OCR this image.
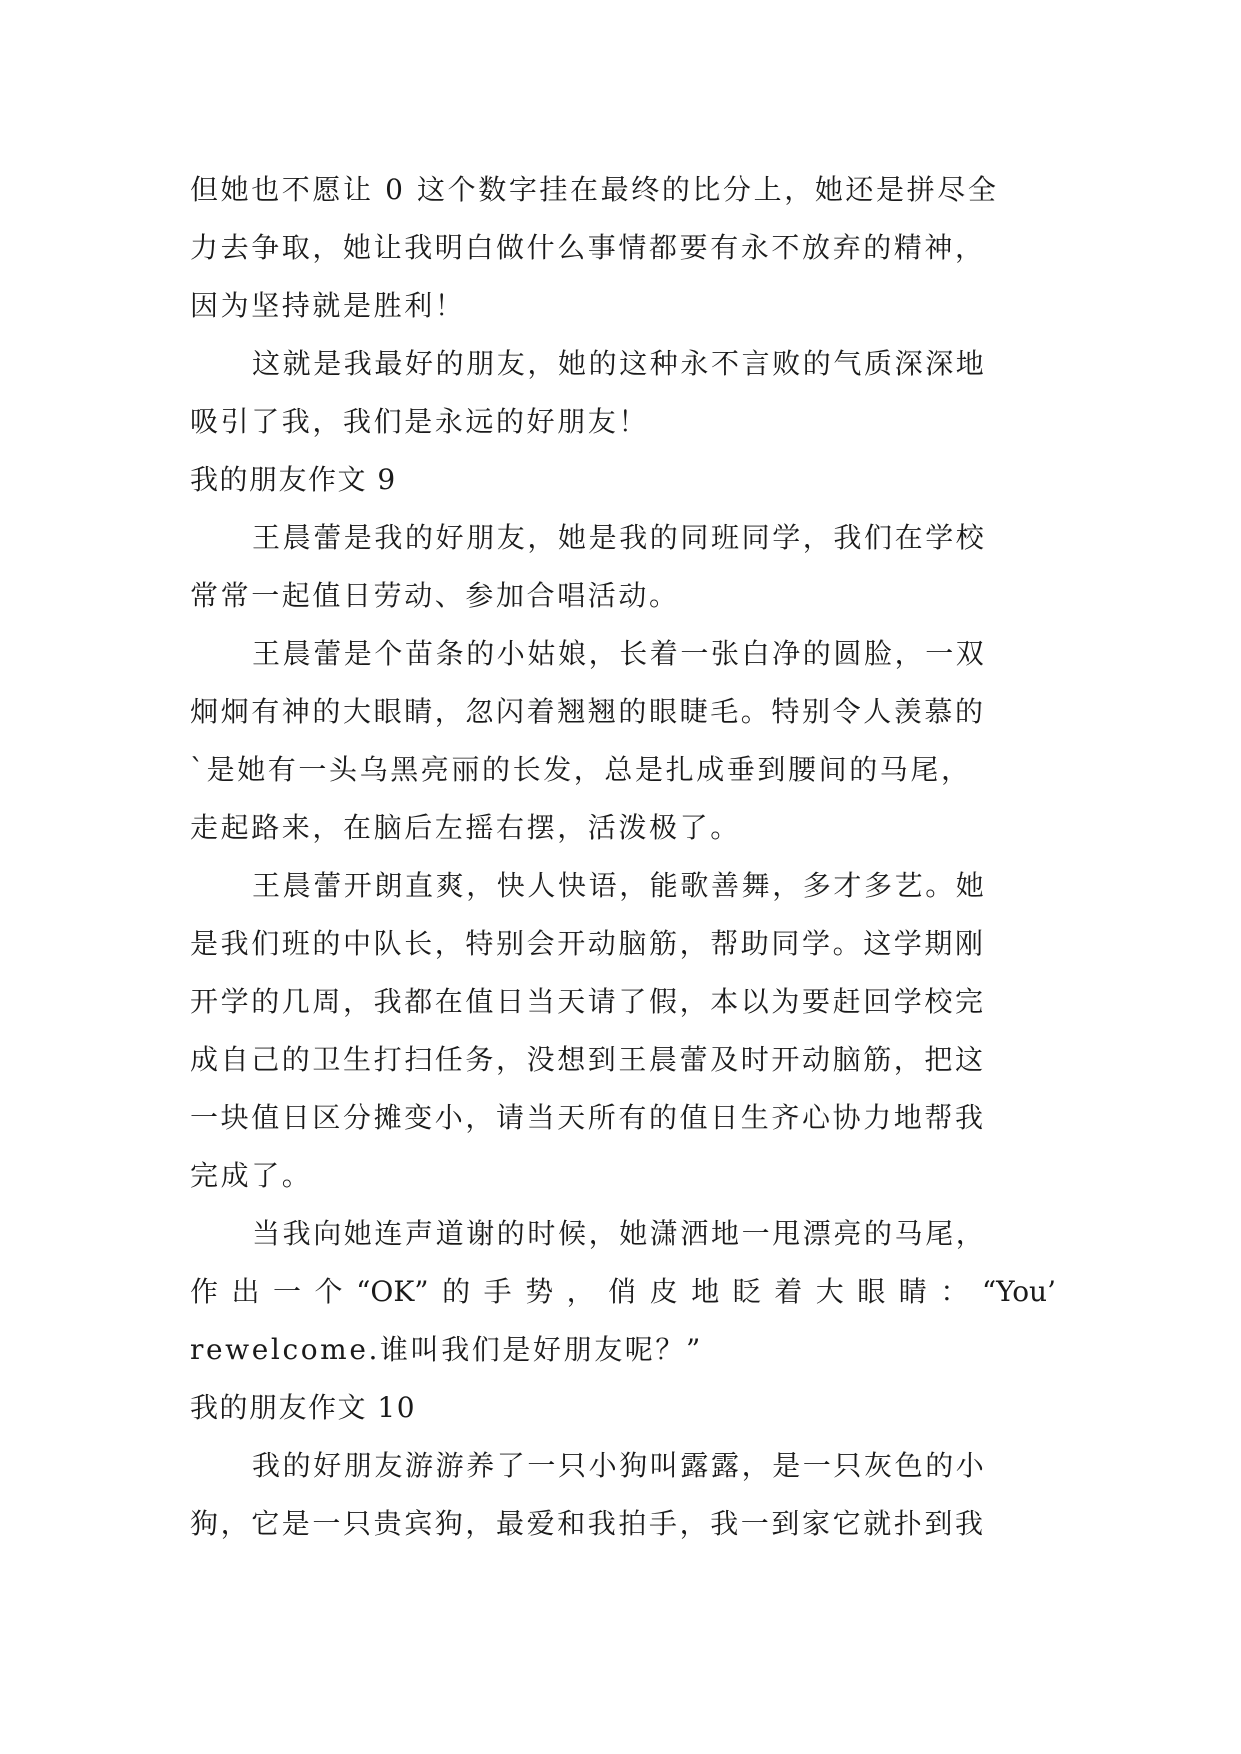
但她也不愿让 0 这个数字挂在最终的比分上，她还是拼尽全
力去争取，她让我明白做什么事情都要有永不放弃的精神，
因为坚持就是胜利！
这就是我最好的朋友，她的这种永不言败的气质深深地
吸引了我，我们是永远的好朋友！
我的朋友作文 9
王晨蕾是我的好朋友，她是我的同班同学，我们在学校
常常一起值日劳动、参加合唱活动。
王晨蕾是个苗条的小姑娘，长着一张白净的圆脸，一双
炯炯有神的大眼睛，忽闪着翘翘的眼睫毛。特别令人羡慕的
`是她有一头乌黑亮丽的长发，总是扎成垂到腰间的马尾，
走起路来，在脑后左摇右摆，活泼极了。
王晨蕾开朗直爽，快人快语，能歌善舞，多才多艺。她
是我们班的中队长，特别会开动脑筋，帮助同学。这学期刚
开学的几周，我都在值日当天请了假，本以为要赶回学校完
成自己的卫生打扫任务，没想到王晨蕾及时开动脑筋，把这
一块值日区分摊变小，请当天所有的值日生齐心协力地帮我
完成了。
当我向她连声道谢的时候，她潇洒地一甩漂亮的马尾，
作出一个“OK”的手势，俏皮地眨着大眼睛：“You’
rewelcome.谁叫我们是好朋友呢？”
我的朋友作文 10
我的好朋友游游养了一只小狗叫露露，是一只灰色的小
狗，它是一只贵宾狗，最爱和我拍手，我一到家它就扑到我
